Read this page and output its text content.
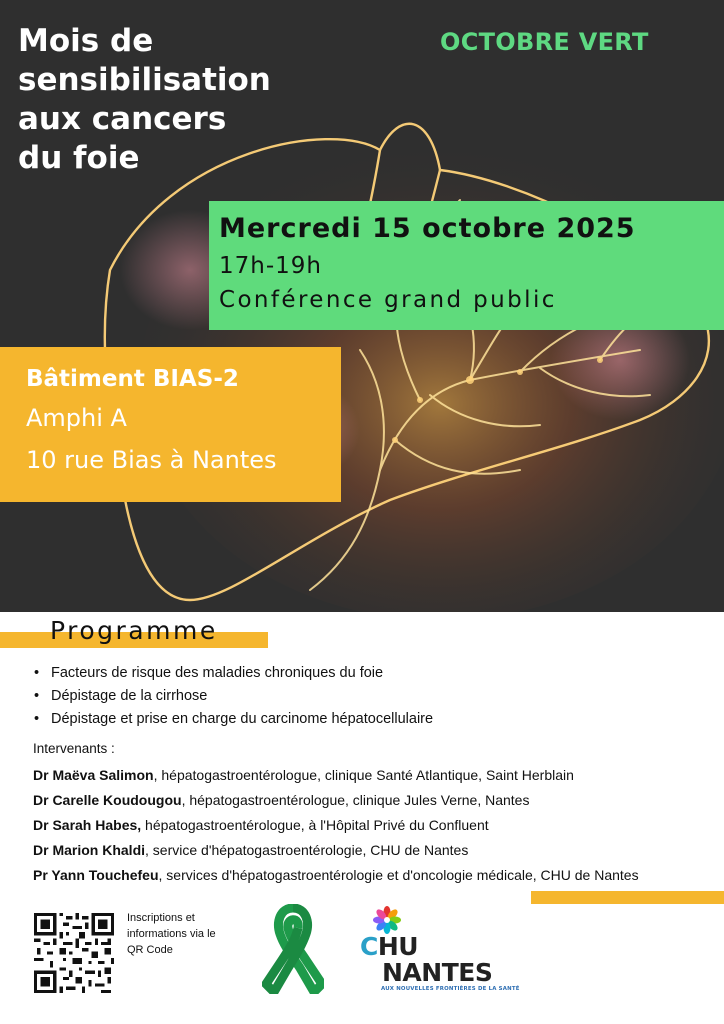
Mois de
sensibilisation
aux cancers
du foie
OCTOBRE VERT
Mercredi 15 octobre 2025
17h-19h
Conférence grand public
Bâtiment BIAS-2
Amphi A
10 rue Bias à Nantes
Programme
• Facteurs de risque des maladies chroniques du foie
• Dépistage de la cirrhose
• Dépistage et prise en charge du carcinome hépatocellulaire
Intervenants :
Dr Maëva Salimon, hépatogastroentérologue, clinique Santé Atlantique, Saint Herblain
Dr Carelle Koudougou, hépatogastroentérologue, clinique Jules Verne, Nantes
Dr Sarah Habes, hépatogastroentérologue, à l'Hôpital Privé du Confluent
Dr Marion Khaldi, service d'hépatogastroentérologie, CHU de Nantes
Pr Yann Touchefeu, services d'hépatogastroentérologie et d'oncologie médicale, CHU de Nantes
Inscriptions et informations via le QR Code	CHU
NANTES
AUX NOUVELLES FRONTIÈRES DE LA SANTÉ
